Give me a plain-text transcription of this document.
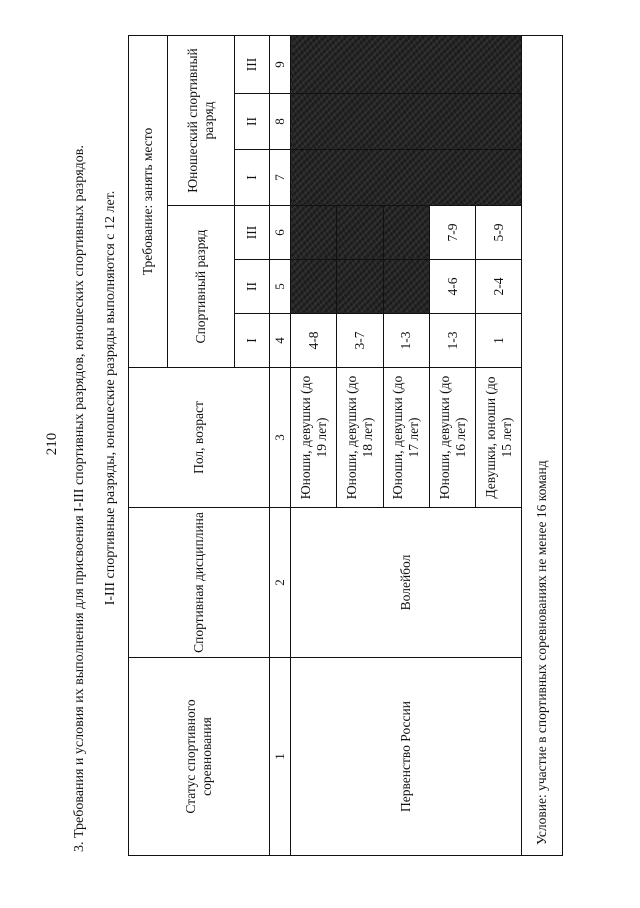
210 3. Требования и условия их выполнения для присвоения I-III спортивных разрядов, юношеских спортивных разрядов. I-III спортивные разряды, юношеские разряды выполняются с 12 лет.
Статус спортивного соревнования	Спортивная дисциплина	Пол, возраст	Требование: занять место					
			Спортивный разряд			Юношеский спортивный разряд		
			I	II	III	I	II	III
1	2	3	4	5	6	7	8	9
Первенство России	Волейбол	Юноши, девушки (до 19 лет)	4-8					
		Юноши, девушки (до 18 лет)	3-7					
		Юноши, девушки (до 17 лет)	1-3					
		Юноши, девушки (до 16 лет)	1-3	4-6	7-9			
		Девушки, юноши (до 15 лет)	1	2-4	5-9			
Условие: участие в спортивных соревнованиях не менее 16 команд								
